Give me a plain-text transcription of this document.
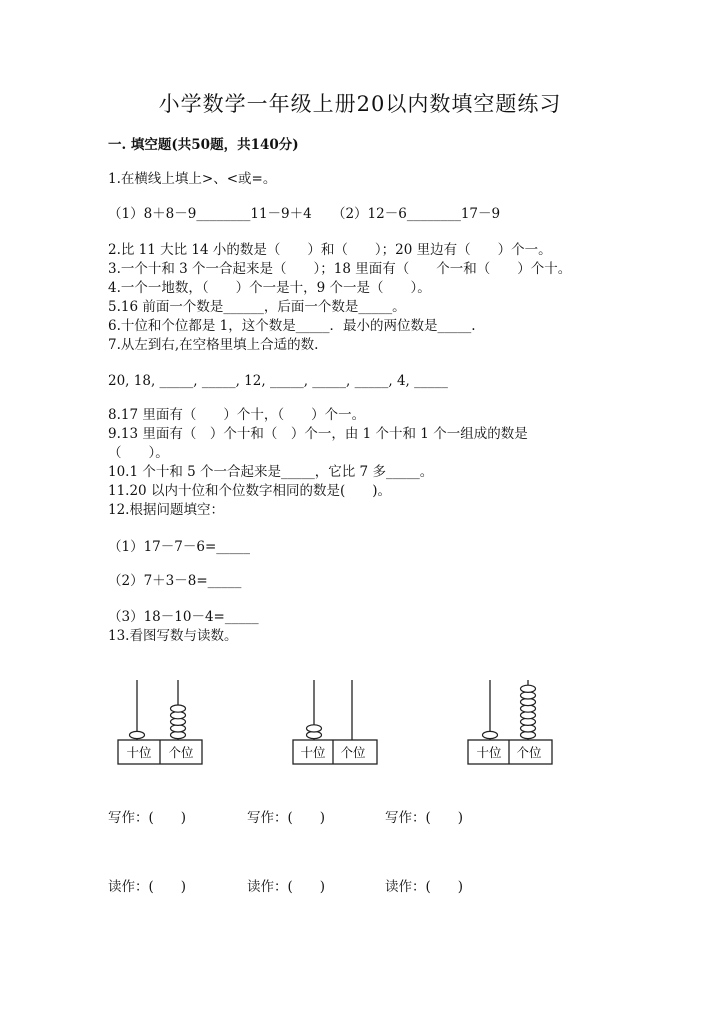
小学数学一年级上册20以内数填空题练习
一. 填空题(共50题，共140分)
1.在横线上填上>、<或=。
（1）8＋8－9________11－9＋4　　（2）12－6________17－9
2.比 11 大比 14 小的数是（　　）和（　　）；20 里边有（　　）个一。
3.一个十和 3 个一合起来是（　　）；18 里面有（　　个一和（　　）个十。
4.一个一地数，（　　）个一是十，9 个一是（　　）。
5.16 前面一个数是______，后面一个数是_____。
6.十位和个位都是 1，这个数是_____．最小的两位数是_____.
7.从左到右,在空格里填上合适的数.
20, 18, _____, _____, 12, _____, _____, _____, 4, _____
8.17 里面有（　　）个十，（　　）个一。
9.13 里面有（　）个十和（　）个一，由 1 个十和 1 个一组成的数是
（　　）。
10.1 个十和 5 个一合起来是_____，它比 7 多_____。
11.20 以内十位和个位数字相同的数是(　　)。
12.根据问题填空：
（1）17－7－6=_____
（2）7＋3－8=_____
（3）18－10－4=_____
13.看图写数与读数。
十位 个位	十位 个位	十位 个位
写作：(　　)	写作：(　　)	写作：(　　)
读作：(　　)	读作：(　　)	读作：(　　)
